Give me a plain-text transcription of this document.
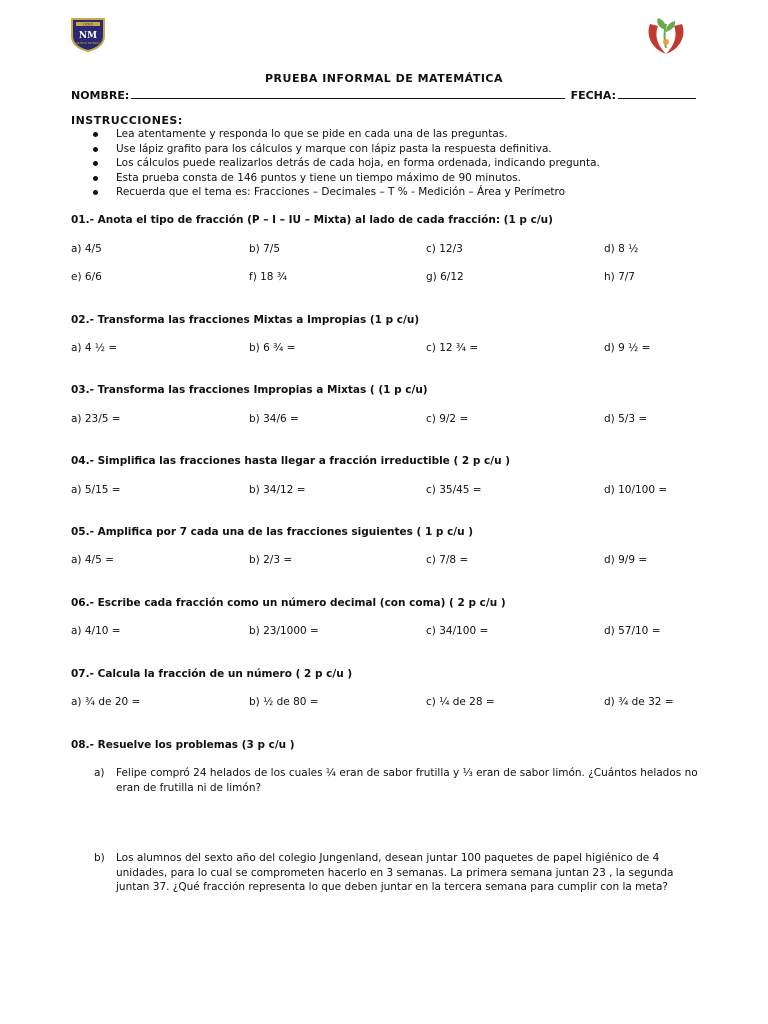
LICEO
NM
NUEVO MUNDO
PRUEBA INFORMAL DE MATEMÁTICA
NOMBRE:	FECHA:
INSTRUCCIONES:
Lea atentamente y responda lo que se pide en cada una de las preguntas.
Use lápiz grafito para los cálculos y marque con lápiz pasta la respuesta definitiva.
Los cálculos puede realizarlos detrás de cada hoja, en forma ordenada, indicando pregunta.
Esta prueba consta de 146 puntos y tiene un tiempo máximo de 90 minutos.
Recuerda que el tema es: Fracciones – Decimales – T % - Medición – Área y Perímetro
01.- Anota el tipo de fracción (P – I – IU – Mixta) al lado de cada fracción: (1 p c/u)
a) 4/5	b) 7/5	c) 12/3	d) 8 ½
e) 6/6	f) 18 ¾	g) 6/12	h) 7/7
02.- Transforma las fracciones Mixtas a Impropias (1 p c/u)
a) 4 ½ =	b) 6 ¾ =	c) 12 ¾ =	d) 9 ½ =
03.- Transforma las fracciones Impropias a Mixtas ( (1 p c/u)
a) 23/5 =	b) 34/6 =	c) 9/2 =	d) 5/3 =
04.- Simplifica las fracciones hasta llegar a fracción irreductible ( 2 p c/u )
a) 5/15 =	b) 34/12 =	c) 35/45 =	d) 10/100 =
05.- Amplifica por 7 cada una de las fracciones siguientes ( 1 p c/u )
a) 4/5 =	b) 2/3 =	c) 7/8 =	d) 9/9 =
06.- Escribe cada fracción como un número decimal (con coma) ( 2 p c/u )
a) 4/10 =	b) 23/1000 =	c) 34/100 =	d) 57/10 =
07.- Calcula la fracción de un número ( 2 p c/u )
a) ¾ de 20 =	b) ½ de 80 =	c) ¼ de 28 =	d) ¾ de 32 =
08.- Resuelve los problemas (3 p c/u )
a) Felipe compró 24 helados de los cuales ¼ eran de sabor frutilla y ⅓ eran de sabor limón. ¿Cuántos helados no eran de frutilla ni de limón?
b) Los alumnos del sexto año del colegio Jungenland, desean juntar 100 paquetes de papel higiénico de 4 unidades, para lo cual se comprometen hacerlo en 3 semanas. La primera semana juntan 23 , la segunda juntan 37. ¿Qué fracción representa lo que deben juntar en la tercera semana para cumplir con la meta?
